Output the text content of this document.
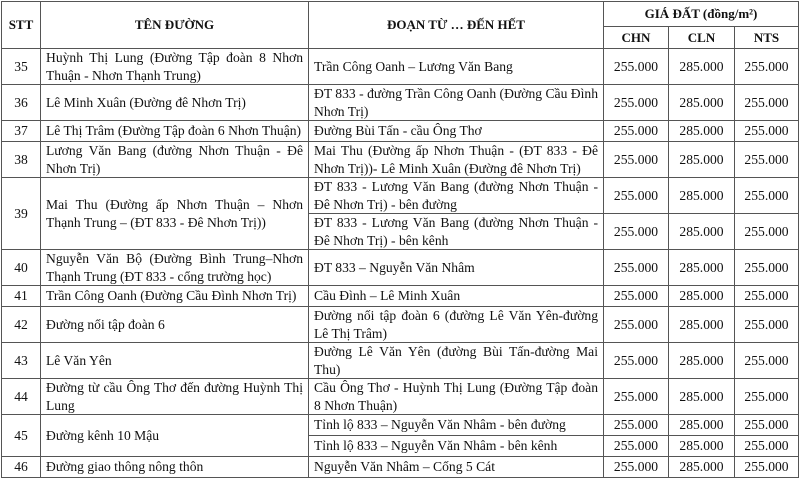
STT	TÊN ĐƯỜNG	ĐOẠN TỪ … ĐẾN HẾT	GIÁ ĐẤT (đồng/m²)		
			CHN	CLN	NTS
35	Huỳnh Thị Lung (Đường Tập đoàn 8 Nhơn Thuận - Nhơn Thạnh Trung)	Trần Công Oanh – Lương Văn Bang	255.000	285.000	255.000
36	Lê Minh Xuân (Đường đê Nhơn Trị)	ĐT 833 - đường Trần Công Oanh (Đường Cầu Đình Nhơn Trị)	255.000	285.000	255.000
37	Lê Thị Trâm (Đường Tập đoàn 6 Nhơn Thuận)	Đường Bùi Tấn - cầu Ông Thơ	255.000	285.000	255.000
38	Lương Văn Bang (đường Nhơn Thuận - Đê Nhơn Trị)	Mai Thu (Đường ấp Nhơn Thuận - (ĐT 833 - Đê Nhơn Trị))- Lê Minh Xuân (Đường đê Nhơn Trị)	255.000	285.000	255.000
39	Mai Thu (Đường ấp Nhơn Thuận – Nhơn Thạnh Trung – (ĐT 833 - Đê Nhơn Trị))	ĐT 833 - Lương Văn Bang (đường Nhơn Thuận - Đê Nhơn Trị) - bên đường	255.000	285.000	255.000
		ĐT 833 - Lương Văn Bang (đường Nhơn Thuận - Đê Nhơn Trị) - bên kênh	255.000	285.000	255.000
40	Nguyễn Văn Bộ (Đường Bình Trung–Nhơn Thạnh Trung (ĐT 833 - cổng trường học)	ĐT 833 – Nguyễn Văn Nhâm	255.000	285.000	255.000
41	Trần Công Oanh (Đường Cầu Đình Nhơn Trị)	Cầu Đình – Lê Minh Xuân	255.000	285.000	255.000
42	Đường nối tập đoàn 6	Đường nối tập đoàn 6 (đường Lê Văn Yên-đường Lê Thị Trâm)	255.000	285.000	255.000
43	Lê Văn Yên	Đường Lê Văn Yên (đường Bùi Tấn-đường Mai Thu)	255.000	285.000	255.000
44	Đường từ cầu Ông Thơ đến đường Huỳnh Thị Lung	Cầu Ông Thơ - Huỳnh Thị Lung (Đường Tập đoàn 8 Nhơn Thuận)	255.000	285.000	255.000
45	Đường kênh 10 Mậu	Tỉnh lộ 833 – Nguyễn Văn Nhâm - bên đường	255.000	285.000	255.000
		Tỉnh lộ 833 – Nguyễn Văn Nhâm - bên kênh	255.000	285.000	255.000
46	Đường giao thông nông thôn	Nguyễn Văn Nhâm – Cống 5 Cát	255.000	285.000	255.000
